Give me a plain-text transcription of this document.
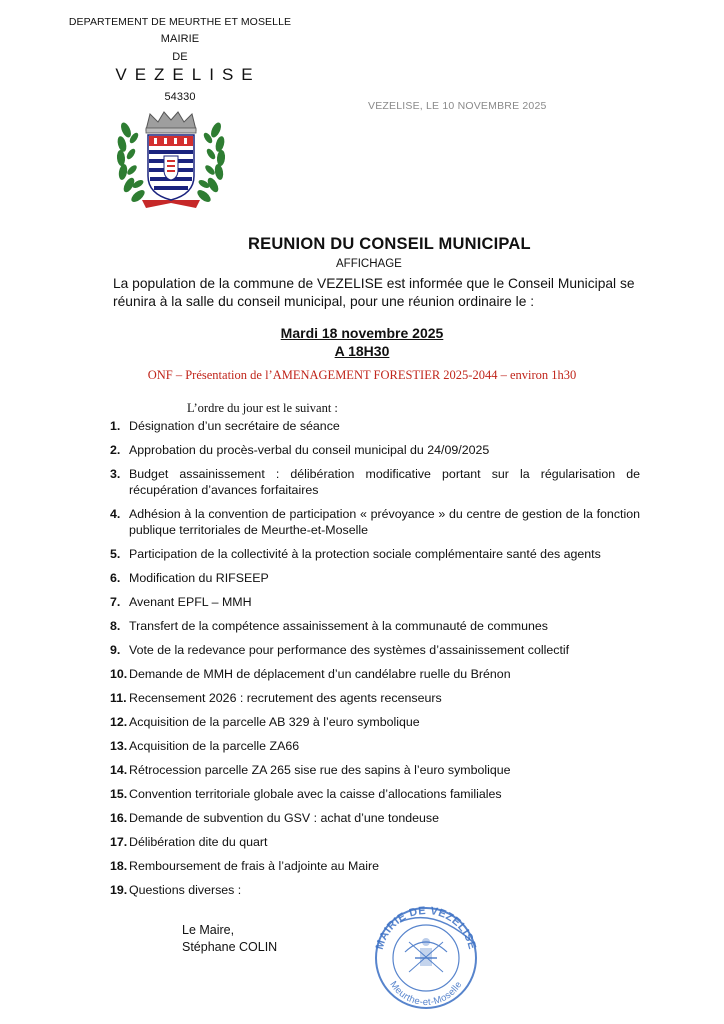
DEPARTEMENT DE MEURTHE ET MOSELLE
MAIRIE
DE
VEZELISE
54330
VEZELISE, LE 10 NOVEMBRE 2025
REUNION DU CONSEIL MUNICIPAL
AFFICHAGE
La population de la commune de VEZELISE est informée que le Conseil Municipal se réunira à la salle du conseil municipal, pour une réunion ordinaire le :
Mardi 18 novembre 2025
A 18H30
ONF – Présentation de l’AMENAGEMENT FORESTIER 2025-2044 – environ 1h30
L’ordre du jour est le suivant :
1. Désignation d’un secrétaire de séance
2. Approbation du procès-verbal du conseil municipal du 24/09/2025
3. Budget assainissement : délibération modificative portant sur la régularisation de récupération d’avances forfaitaires
4. Adhésion à la convention de participation « prévoyance » du centre de gestion de la fonction publique territoriales de Meurthe-et-Moselle
5. Participation de la collectivité à la protection sociale complémentaire santé des agents
6. Modification du RIFSEEP
7. Avenant EPFL – MMH
8. Transfert de la compétence assainissement à la communauté de communes
9. Vote de la redevance pour performance des systèmes d’assainissement collectif
10. Demande de MMH de déplacement d’un candélabre ruelle du Brénon
11. Recensement 2026 : recrutement des agents recenseurs
12. Acquisition de la parcelle AB 329 à l’euro symbolique
13. Acquisition de la parcelle ZA66
14. Rétrocession parcelle ZA 265 sise rue des sapins à l’euro symbolique
15. Convention territoriale globale avec la caisse d’allocations familiales
16. Demande de subvention du GSV : achat d’une tondeuse
17. Délibération dite du quart
18. Remboursement de frais à l’adjointe au Maire
19. Questions diverses :
Le Maire,
Stéphane COLIN	MAIRIE DE VEZELISE
Meurthe-et-Moselle
